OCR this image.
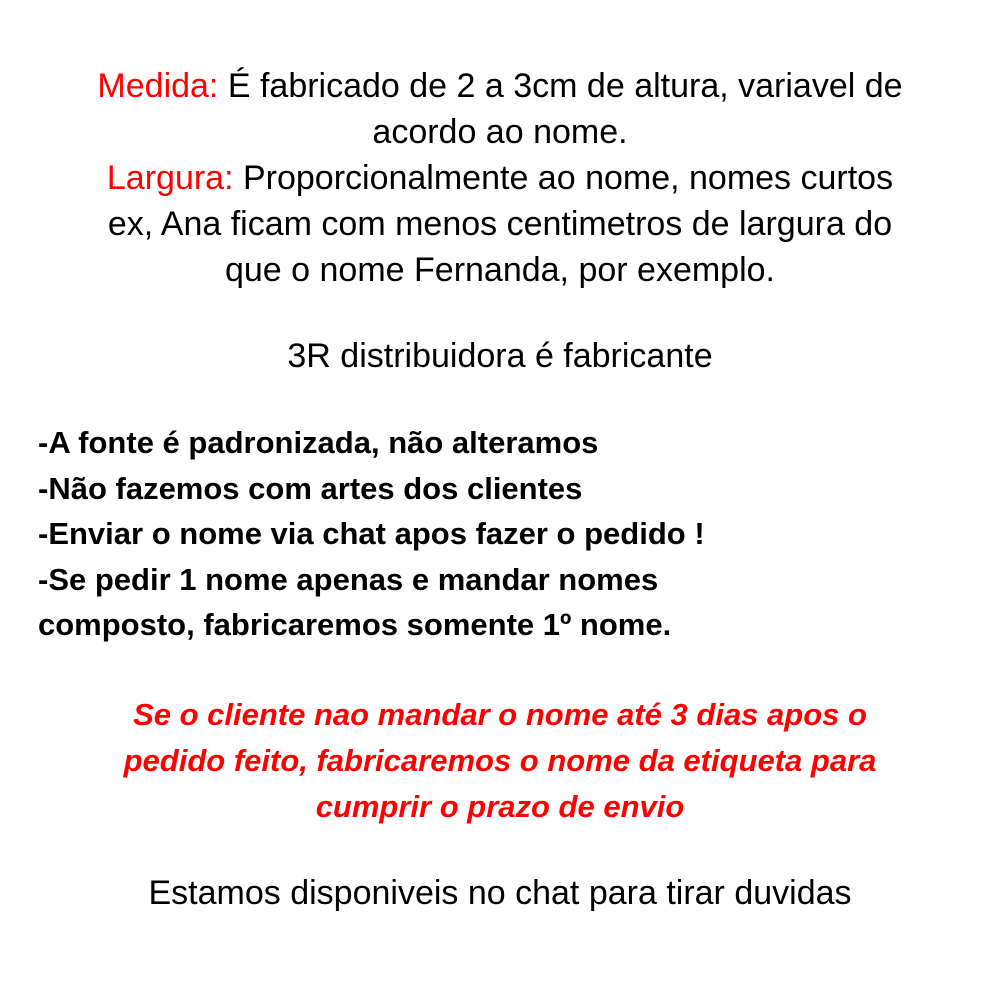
Medida: É fabricado de 2 a 3cm de altura, variavel de
acordo ao nome.

Largura: Proporcionalmente ao nome, nomes curtos
ex, Ana ficam com menos centimetros de largura do
que o nome Fernanda, por exemplo.

3R distribuidora é fabricante

-A fonte é padronizada, não alteramos
-Não fazemos com artes dos clientes
-Enviar o nome via chat apos fazer o pedido !
-Se pedir 1 nome apenas e mandar nomes
composto, fabricaremos somente 1º nome.

Se o cliente nao mandar o nome até 3 dias apos o
pedido feito, fabricaremos o nome da etiqueta para
cumprir o prazo de envio

Estamos disponiveis no chat para tirar duvidas
